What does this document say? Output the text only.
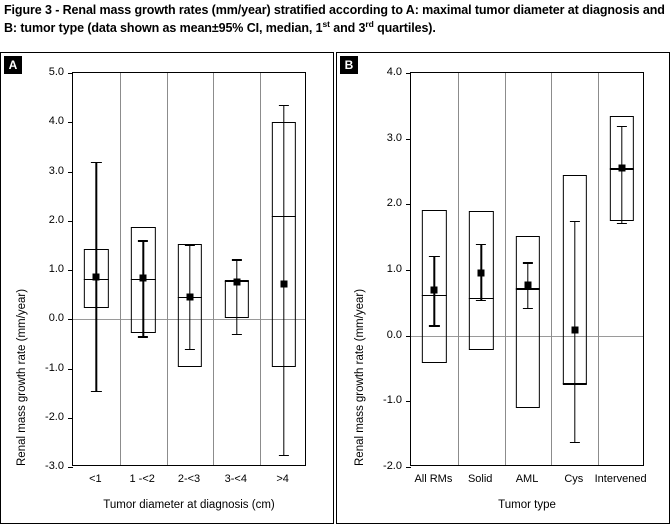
Figure 3 - Renal mass growth rates (mm/year) stratified according to A: maximal tumor diameter at diagnosis and B: tumor type (data shown as mean±95% CI, median, 1st and 3rd quartiles).
A	B
-3.0
-2.0
-1.0
0.0
1.0
2.0
3.0
4.0
5.0
<1	1 -<2 2-<3 3-<4	>4
Renal mass growth rate (mm/year)
Tumor diameter at diagnosis (cm)
-2.0
-1.0
0.0
1.0
2.0
3.0
4.0
All RMs Solid AML Cys Intervened
Renal mass growth rate (mm/year)
Tumor type
